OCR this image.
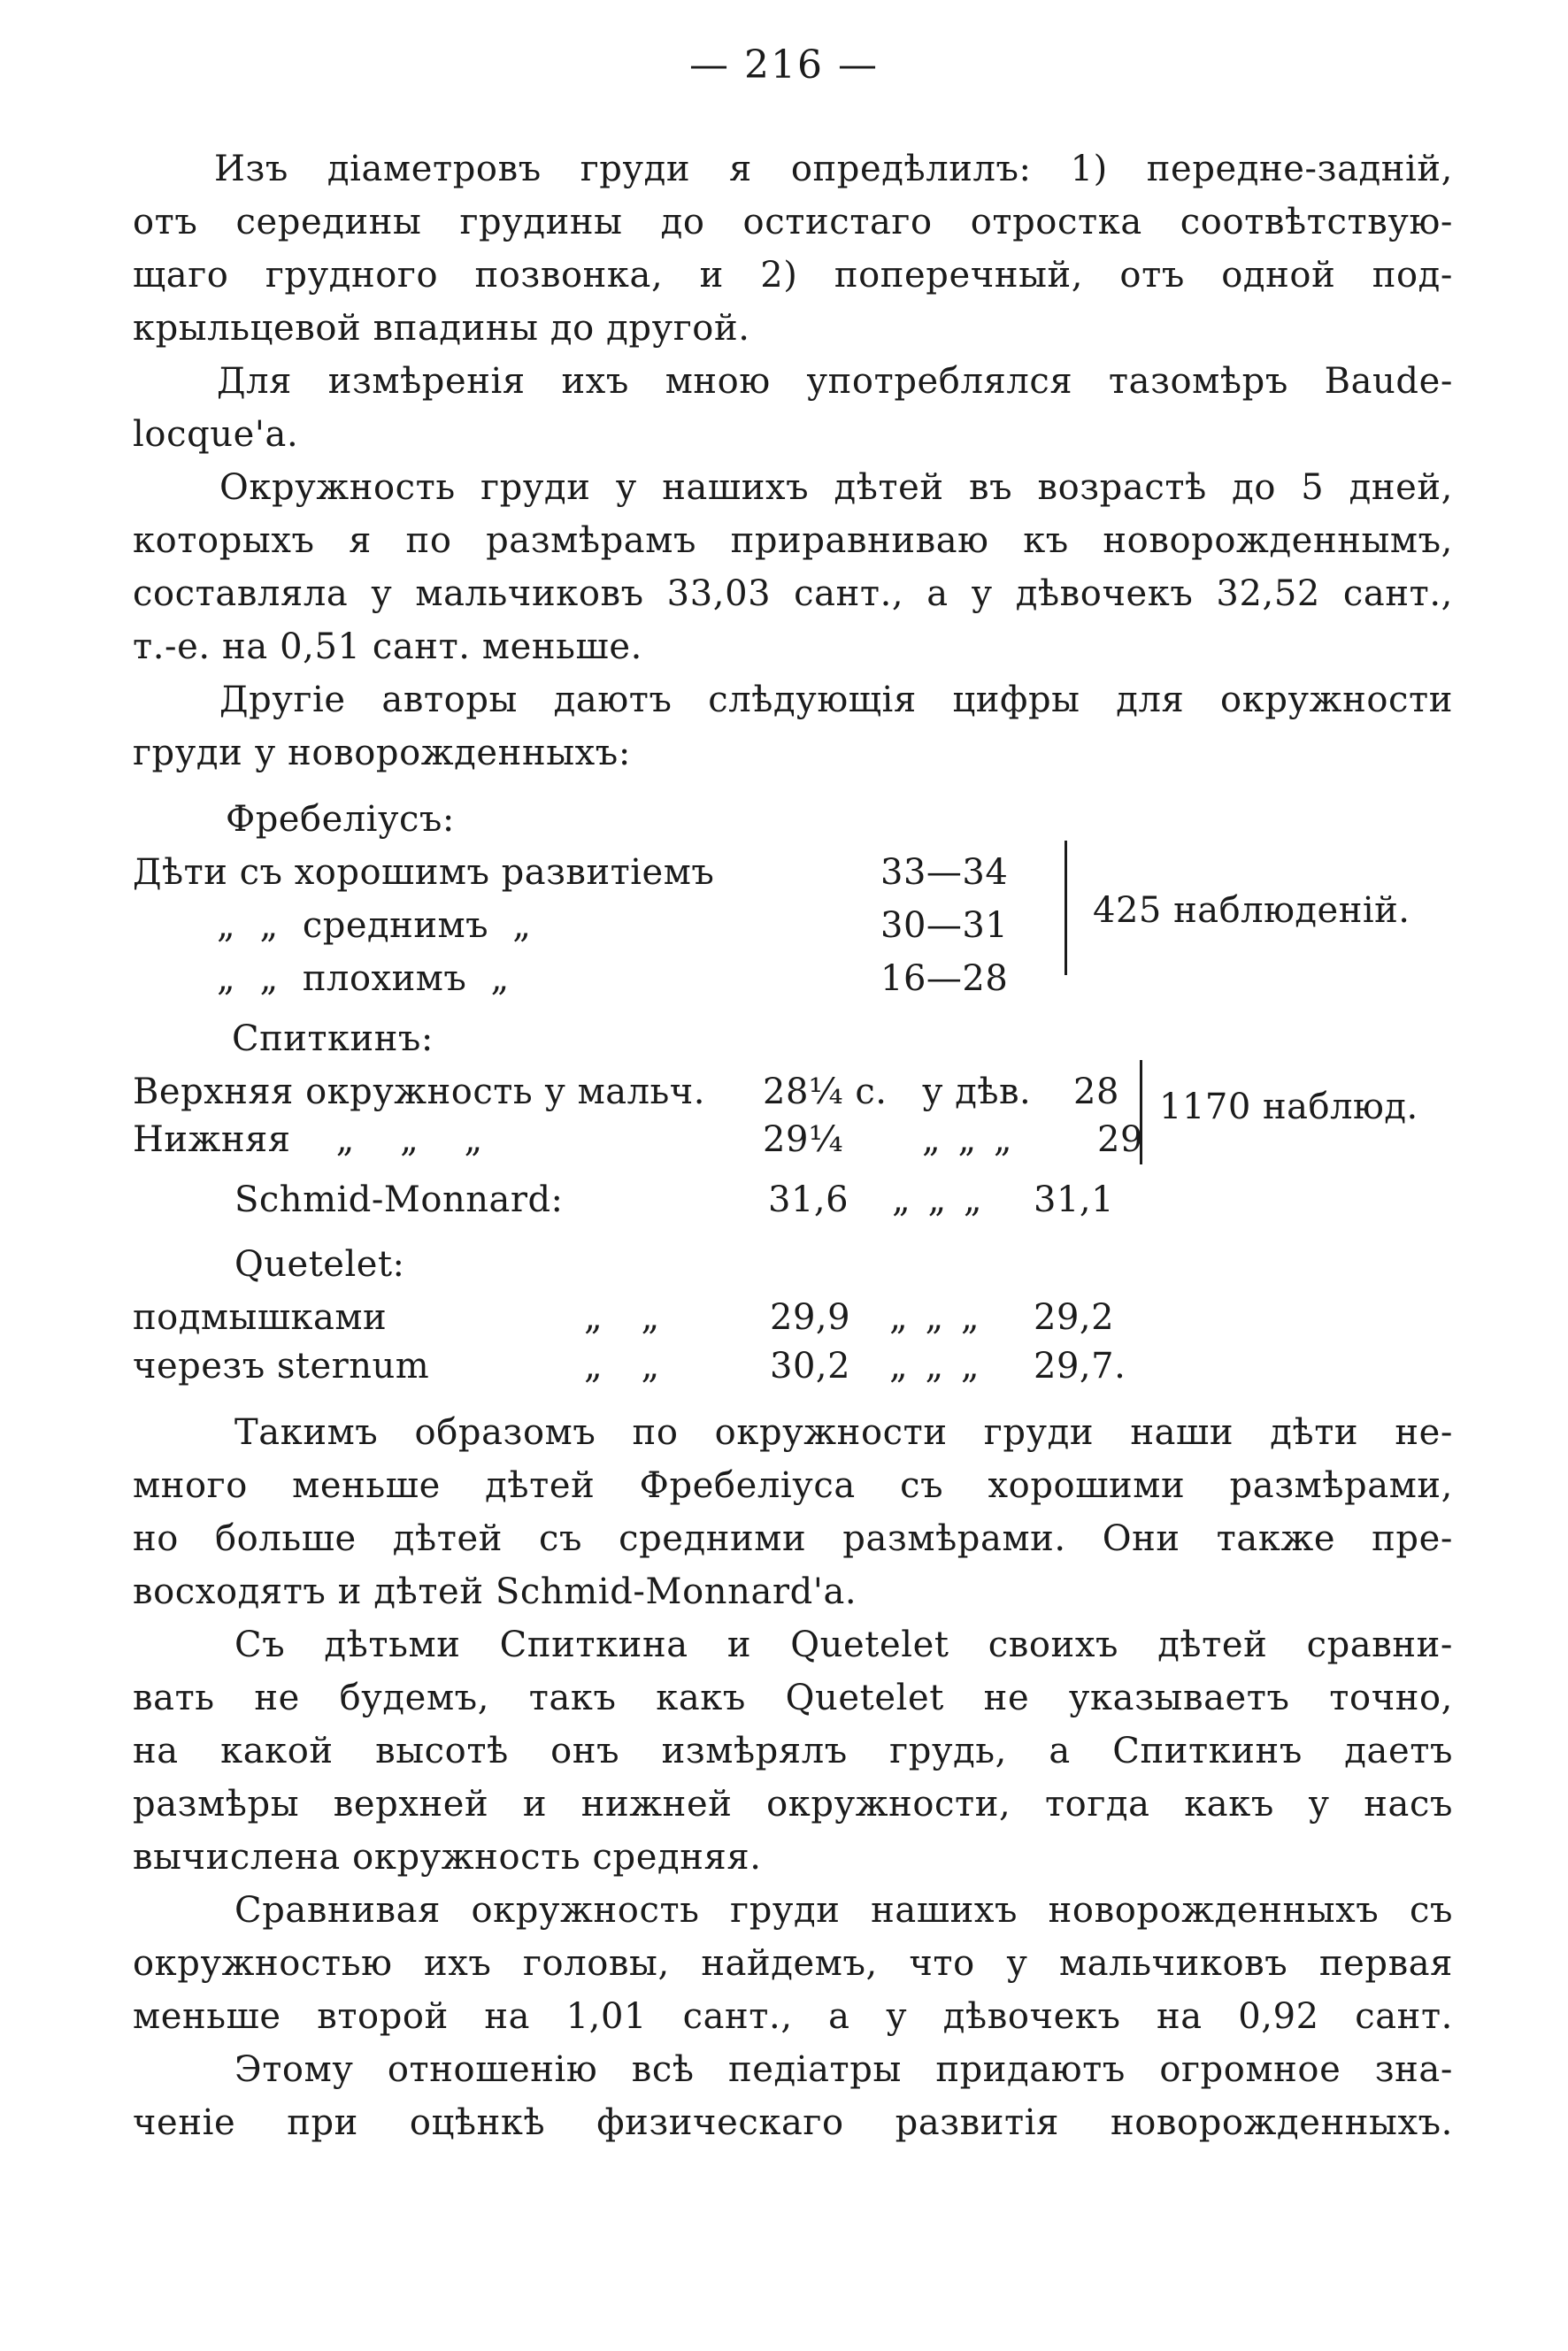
— 216 —
Изъ діаметровъ груди я опредѣлилъ: 1) передне-задній,
отъ середины грудины до остистаго отростка соотвѣтствую-
щаго грудного позвонка, и 2) поперечный, отъ одной под-
крыльцевой впадины до другой.
Для измѣренія ихъ мною употреблялся тазомѣръ Baude-
locque'а.
Окружность груди у нашихъ дѣтей въ возрастѣ до 5 дней,
которыхъ я по размѣрамъ приравниваю къ новорожденнымъ,
составляла у мальчиковъ 33,03 сант., а у дѣвочекъ 32,52 сант.,
т.-е. на 0,51 сант. меньше.
Другіе авторы даютъ слѣдующія цифры для окружности
груди у новорожденныхъ:
Фребеліусъ:
Дѣти съ хорошимъ развитіемъ	33—34
„ „ среднимъ „	30—31
„ „ плохимъ „	16—28
425 наблюденій.
Спиткинъ:
Верхняя окружность у мальч. 28¼ с. у дѣв. 28
Нижняя „ „ „	29¼ „ „ „ 29
1170 наблюд.
Schmid-Monnard:	31,6 „ „ „ 31,1
Quetelet:
подмышками	„ „	29,9 „ „ „ 29,2
черезъ sternum	„ „	30,2 „ „ „ 29,7.
Такимъ образомъ по окружности груди наши дѣти не-
много меньше дѣтей Фребеліуса съ хорошими размѣрами,
но больше дѣтей съ средними размѣрами. Они также пре-
восходятъ и дѣтей Schmid-Monnard'а.
Съ дѣтьми Спиткина и Quetelet своихъ дѣтей сравни-
вать не будемъ, такъ какъ Quetelet не указываетъ точно,
на какой высотѣ онъ измѣрялъ грудь, а Спиткинъ даетъ
размѣры верхней и нижней окружности, тогда какъ у насъ
вычислена окружность средняя.
Сравнивая окружность груди нашихъ новорожденныхъ съ
окружностью ихъ головы, найдемъ, что у мальчиковъ первая
меньше второй на 1,01 сант., а у дѣвочекъ на 0,92 сант.
Этому отношенію всѣ педіатры придаютъ огромное зна-
ченіе при оцѣнкѣ физическаго развитія новорожденныхъ.
